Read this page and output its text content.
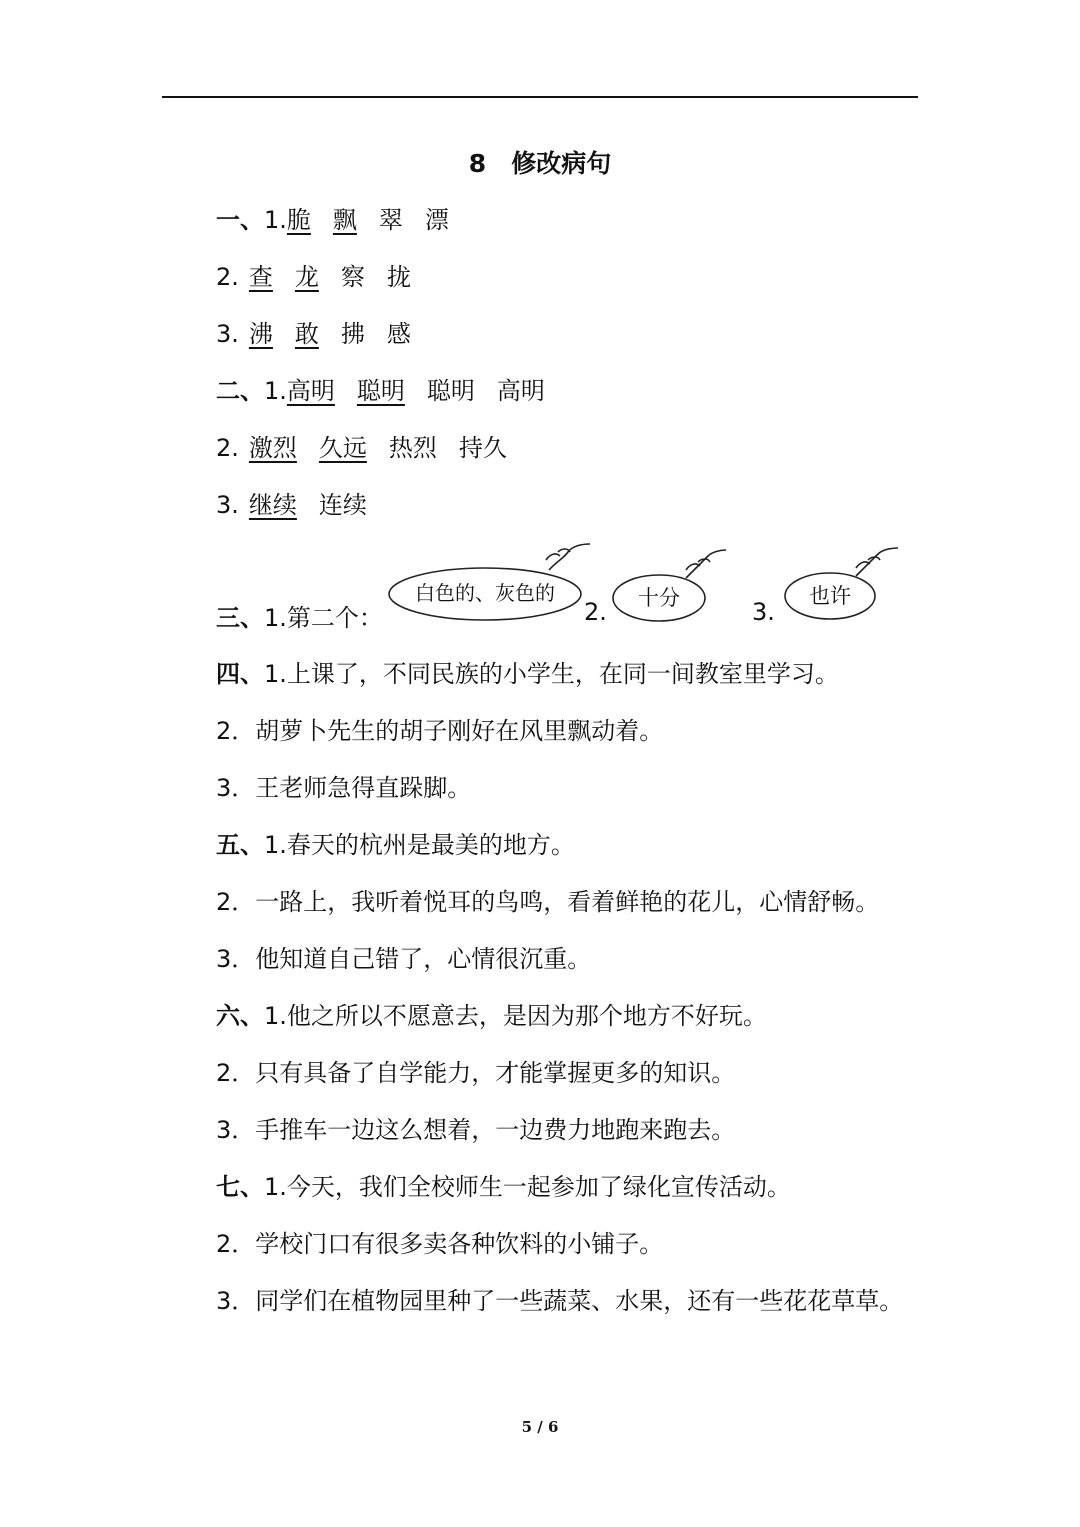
8　修改病句
一、1.脆 飘 翠 漂
2. 查 龙 察 拢
3. 沸 敢 拂 感
二、1.高明 聪明 聪明 高明
2. 激烈 久远 热烈 持久
3. 继续 连续
白色的、灰色的	十分	也许
三、1.第二个：	2.	3.
四、1.上课了，不同民族的小学生，在同一间教室里学习。
2．胡萝卜先生的胡子刚好在风里飘动着。
3．王老师急得直跺脚。
五、1.春天的杭州是最美的地方。
2．一路上，我听着悦耳的鸟鸣，看着鲜艳的花儿，心情舒畅。
3．他知道自己错了，心情很沉重。
六、1.他之所以不愿意去，是因为那个地方不好玩。
2．只有具备了自学能力，才能掌握更多的知识。
3．手推车一边这么想着，一边费力地跑来跑去。
七、1.今天，我们全校师生一起参加了绿化宣传活动。
2．学校门口有很多卖各种饮料的小铺子。
3．同学们在植物园里种了一些蔬菜、水果，还有一些花花草草。
5 / 6
